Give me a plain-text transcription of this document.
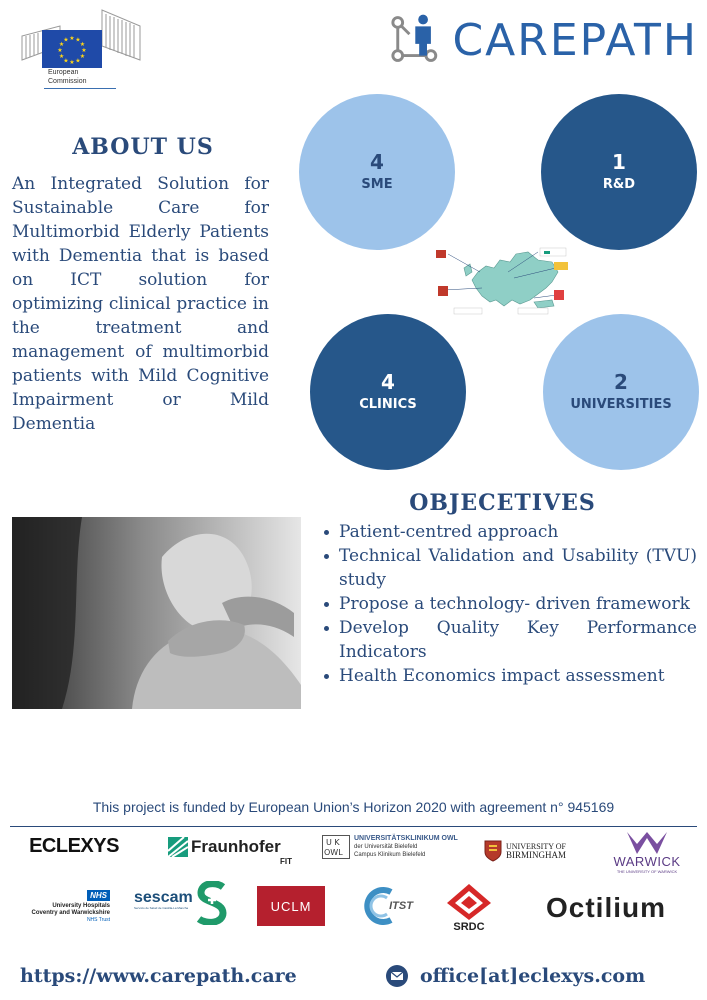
★ ★
★
★
★
★
★
★
★
★
★
★
European
Commission
CAREPATH
ABOUT US

An Integrated Solution for Sustainable Care for Multimorbid Elderly Patients with Dementia that is based on ICT solution for optimizing clinical practice in the treatment and management of multimorbid patients with Mild Cognitive Impairment or Mild Dementia

4
SME
1
R&D
4
CLINICS
2
UNIVERSITIES
OBJECETIVES
Patient-centred approach
Technical Validation and Usability (TVU) study
Propose a technology- driven framework
Develop Quality Key Performance Indicators
Health Economics impact assessment

This project is funded by European Union’s Horizon 2020 with agreement n° 945169

ECLEXYS	Fraunhofer
FIT
U K
OWL
UNIVERSITÄTSKLINIKUM OWL
der Universität Bielefeld
Campus Klinikum Bielefeld
UNIVERSITY OF
BIRMINGHAM	WARWICK
THE UNIVERSITY OF WARWICK
NHS
University Hospitals
Coventry and Warwickshire
NHS Trust
sescam
Servicio de Salud de Castilla-La Mancha	UCLM	ITST
SRDC
Octilium
https://www.carepath.care	office[at]eclexys.com
